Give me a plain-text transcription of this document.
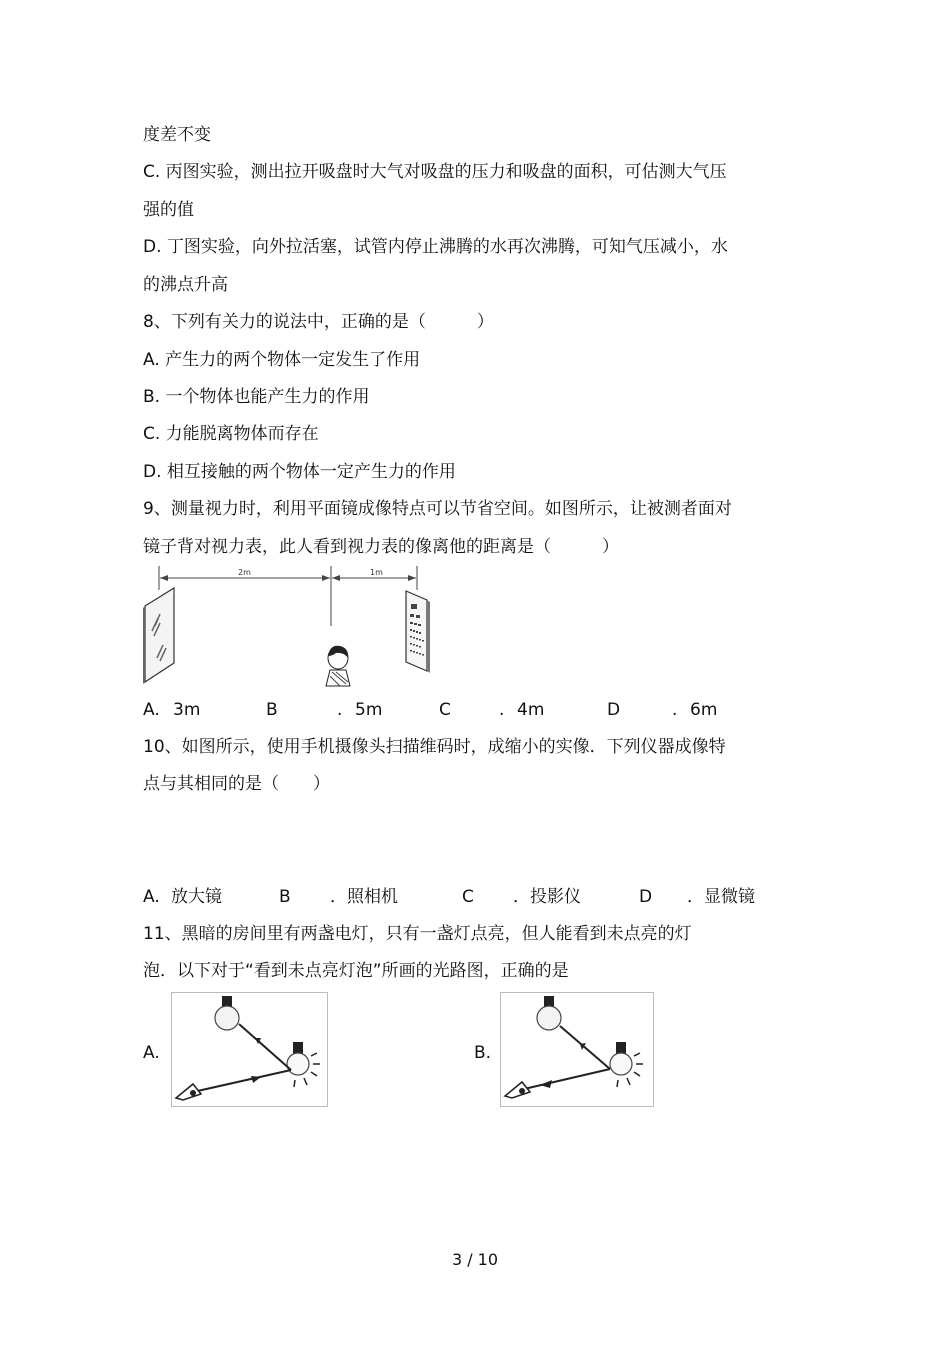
度差不变
C. 丙图实验，测出拉开吸盘时大气对吸盘的压力和吸盘的面积，可估测大气压
强的值
D. 丁图实验，向外拉活塞，试管内停止沸腾的水再次沸腾，可知气压减小，水
的沸点升高
8、下列有关力的说法中，正确的是（　　　）
A. 产生力的两个物体一定发生了作用
B. 一个物体也能产生力的作用
C. 力能脱离物体而存在
D. 相互接触的两个物体一定产生力的作用
9、测量视力时，利用平面镜成像特点可以节省空间。如图所示，让被测者面对
镜子背对视力表，此人看到视力表的像离他的距离是（　　　）
2m	1m
A. 3m	B	. 5m	C	. 4m	D	. 6m
10、如图所示，使用手机摄像头扫描维码时，成缩小的实像．下列仪器成像特
点与其相同的是（　　）
A. 放大镜	B ．照相机	C ．投影仪	D ．显微镜
11、黑暗的房间里有两盏电灯，只有一盏灯点亮，但人能看到未点亮的灯
泡．以下对于“看到未点亮灯泡”所画的光路图，正确的是
A.	B.
3 / 10
